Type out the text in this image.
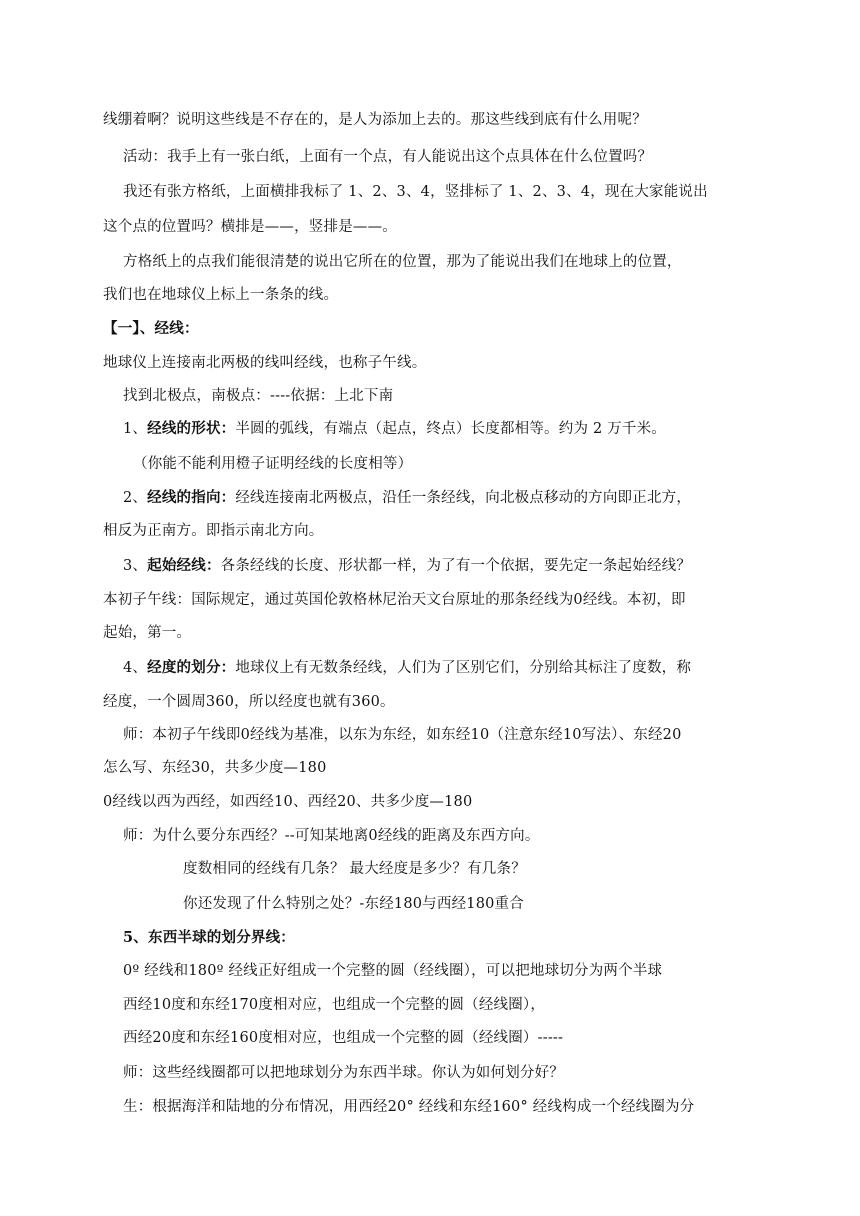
线绷着啊？说明这些线是不存在的，是人为添加上去的。那这些线到底有什么用呢？
活动：我手上有一张白纸，上面有一个点，有人能说出这个点具体在什么位置吗？
我还有张方格纸，上面横排我标了 1、2、3、4，竖排标了 1、2、3、4，现在大家能说出
这个点的位置吗？横排是——，竖排是——。
方格纸上的点我们能很清楚的说出它所在的位置，那为了能说出我们在地球上的位置，
我们也在地球仪上标上一条条的线。
【一】、经线：
地球仪上连接南北两极的线叫经线，也称子午线。
找到北极点，南极点：----依据：上北下南
1、经线的形状：半圆的弧线，有端点（起点，终点）长度都相等。约为 2 万千米。
（你能不能利用橙子证明经线的长度相等）
2、经线的指向：经线连接南北两极点，沿任一条经线，向北极点移动的方向即正北方，
相反为正南方。即指示南北方向。
3、起始经线：各条经线的长度、形状都一样，为了有一个依据，要先定一条起始经线？
本初子午线：国际规定，通过英国伦敦格林尼治天文台原址的那条经线为0经线。本初，即
起始，第一。
4、经度的划分：地球仪上有无数条经线，人们为了区别它们，分别给其标注了度数，称
经度，一个圆周360，所以经度也就有360。
师：本初子午线即0经线为基准，以东为东经，如东经10（注意东经10写法）、东经20
怎么写、东经30，共多少度—180
0经线以西为西经，如西经10、西经20、共多少度—180
师：为什么要分东西经？--可知某地离0经线的距离及东西方向。
度数相同的经线有几条？ 最大经度是多少？有几条？
你还发现了什么特别之处？-东经180与西经180重合
5、东西半球的划分界线：
0º 经线和180º 经线正好组成一个完整的圆（经线圈），可以把地球切分为两个半球
西经10度和东经170度相对应，也组成一个完整的圆（经线圈），
西经20度和东经160度相对应，也组成一个完整的圆（经线圈）-----
师：这些经线圈都可以把地球划分为东西半球。你认为如何划分好？
生：根据海洋和陆地的分布情况，用西经20° 经线和东经160° 经线构成一个经线圈为分
